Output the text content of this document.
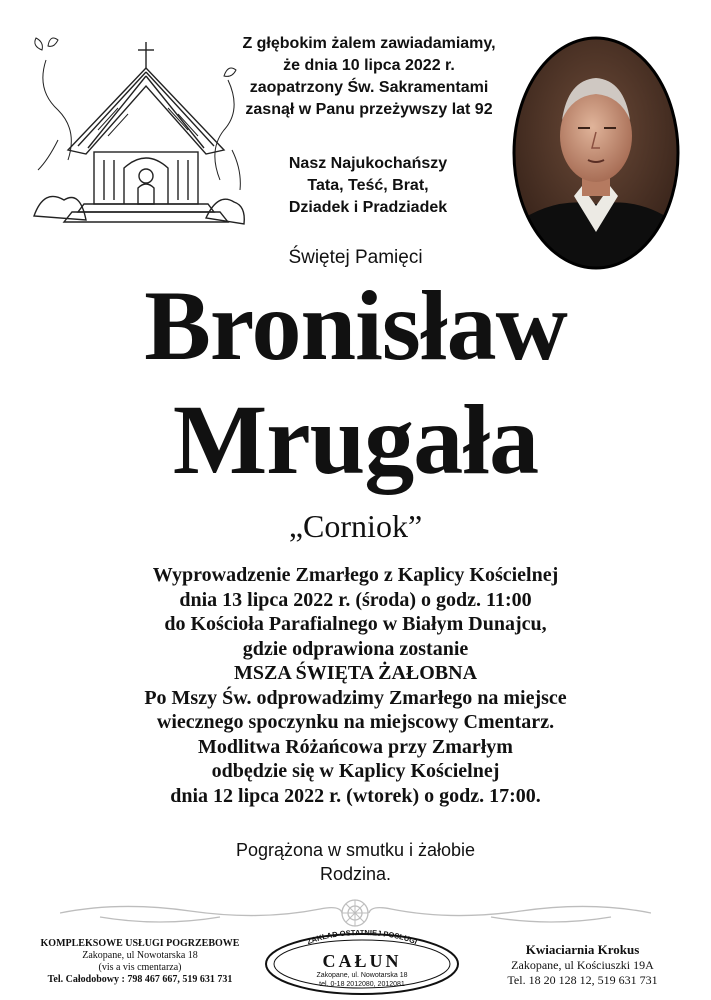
Z głębokim żalem zawiadamiamy,
że dnia 10 lipca 2022 r.
zaopatrzony Św. Sakramentami
zasnął w Panu przeżywszy lat 92
Nasz Najukochańszy
Tata, Teść, Brat,
Dziadek i Pradziadek
Świętej Pamięci
Bronisław
Mrugała
„Corniok”
Wyprowadzenie Zmarłego z Kaplicy Kościelnej
dnia 13 lipca 2022 r. (środa) o godz. 11:00
do Kościoła Parafialnego w Białym Dunajcu,
gdzie odprawiona zostanie
MSZA ŚWIĘTA ŻAŁOBNA
Po Mszy Św. odprowadzimy Zmarłego na miejsce
wiecznego spoczynku na miejscowy Cmentarz.
Modlitwa Różańcowa przy Zmarłym
odbędzie się w Kaplicy Kościelnej
dnia 12 lipca 2022 r. (wtorek) o godz. 17:00.
Pogrążona w smutku i żałobie
Rodzina.
KOMPLEKSOWE USŁUGI POGRZEBOWE
Zakopane, ul Nowotarska 18
(vis a vis cmentarza)
Tel. Całodobowy : 798 467 667, 519 631 731
ZAKŁAD OSTATNIEJ POSŁUGI
CAŁUN
Zakopane, ul. Nowotarska 18
tel. 0-18 2012080, 2012081
Kwiaciarnia Krokus
Zakopane, ul Kościuszki 19A
Tel. 18 20 128 12, 519 631 731
